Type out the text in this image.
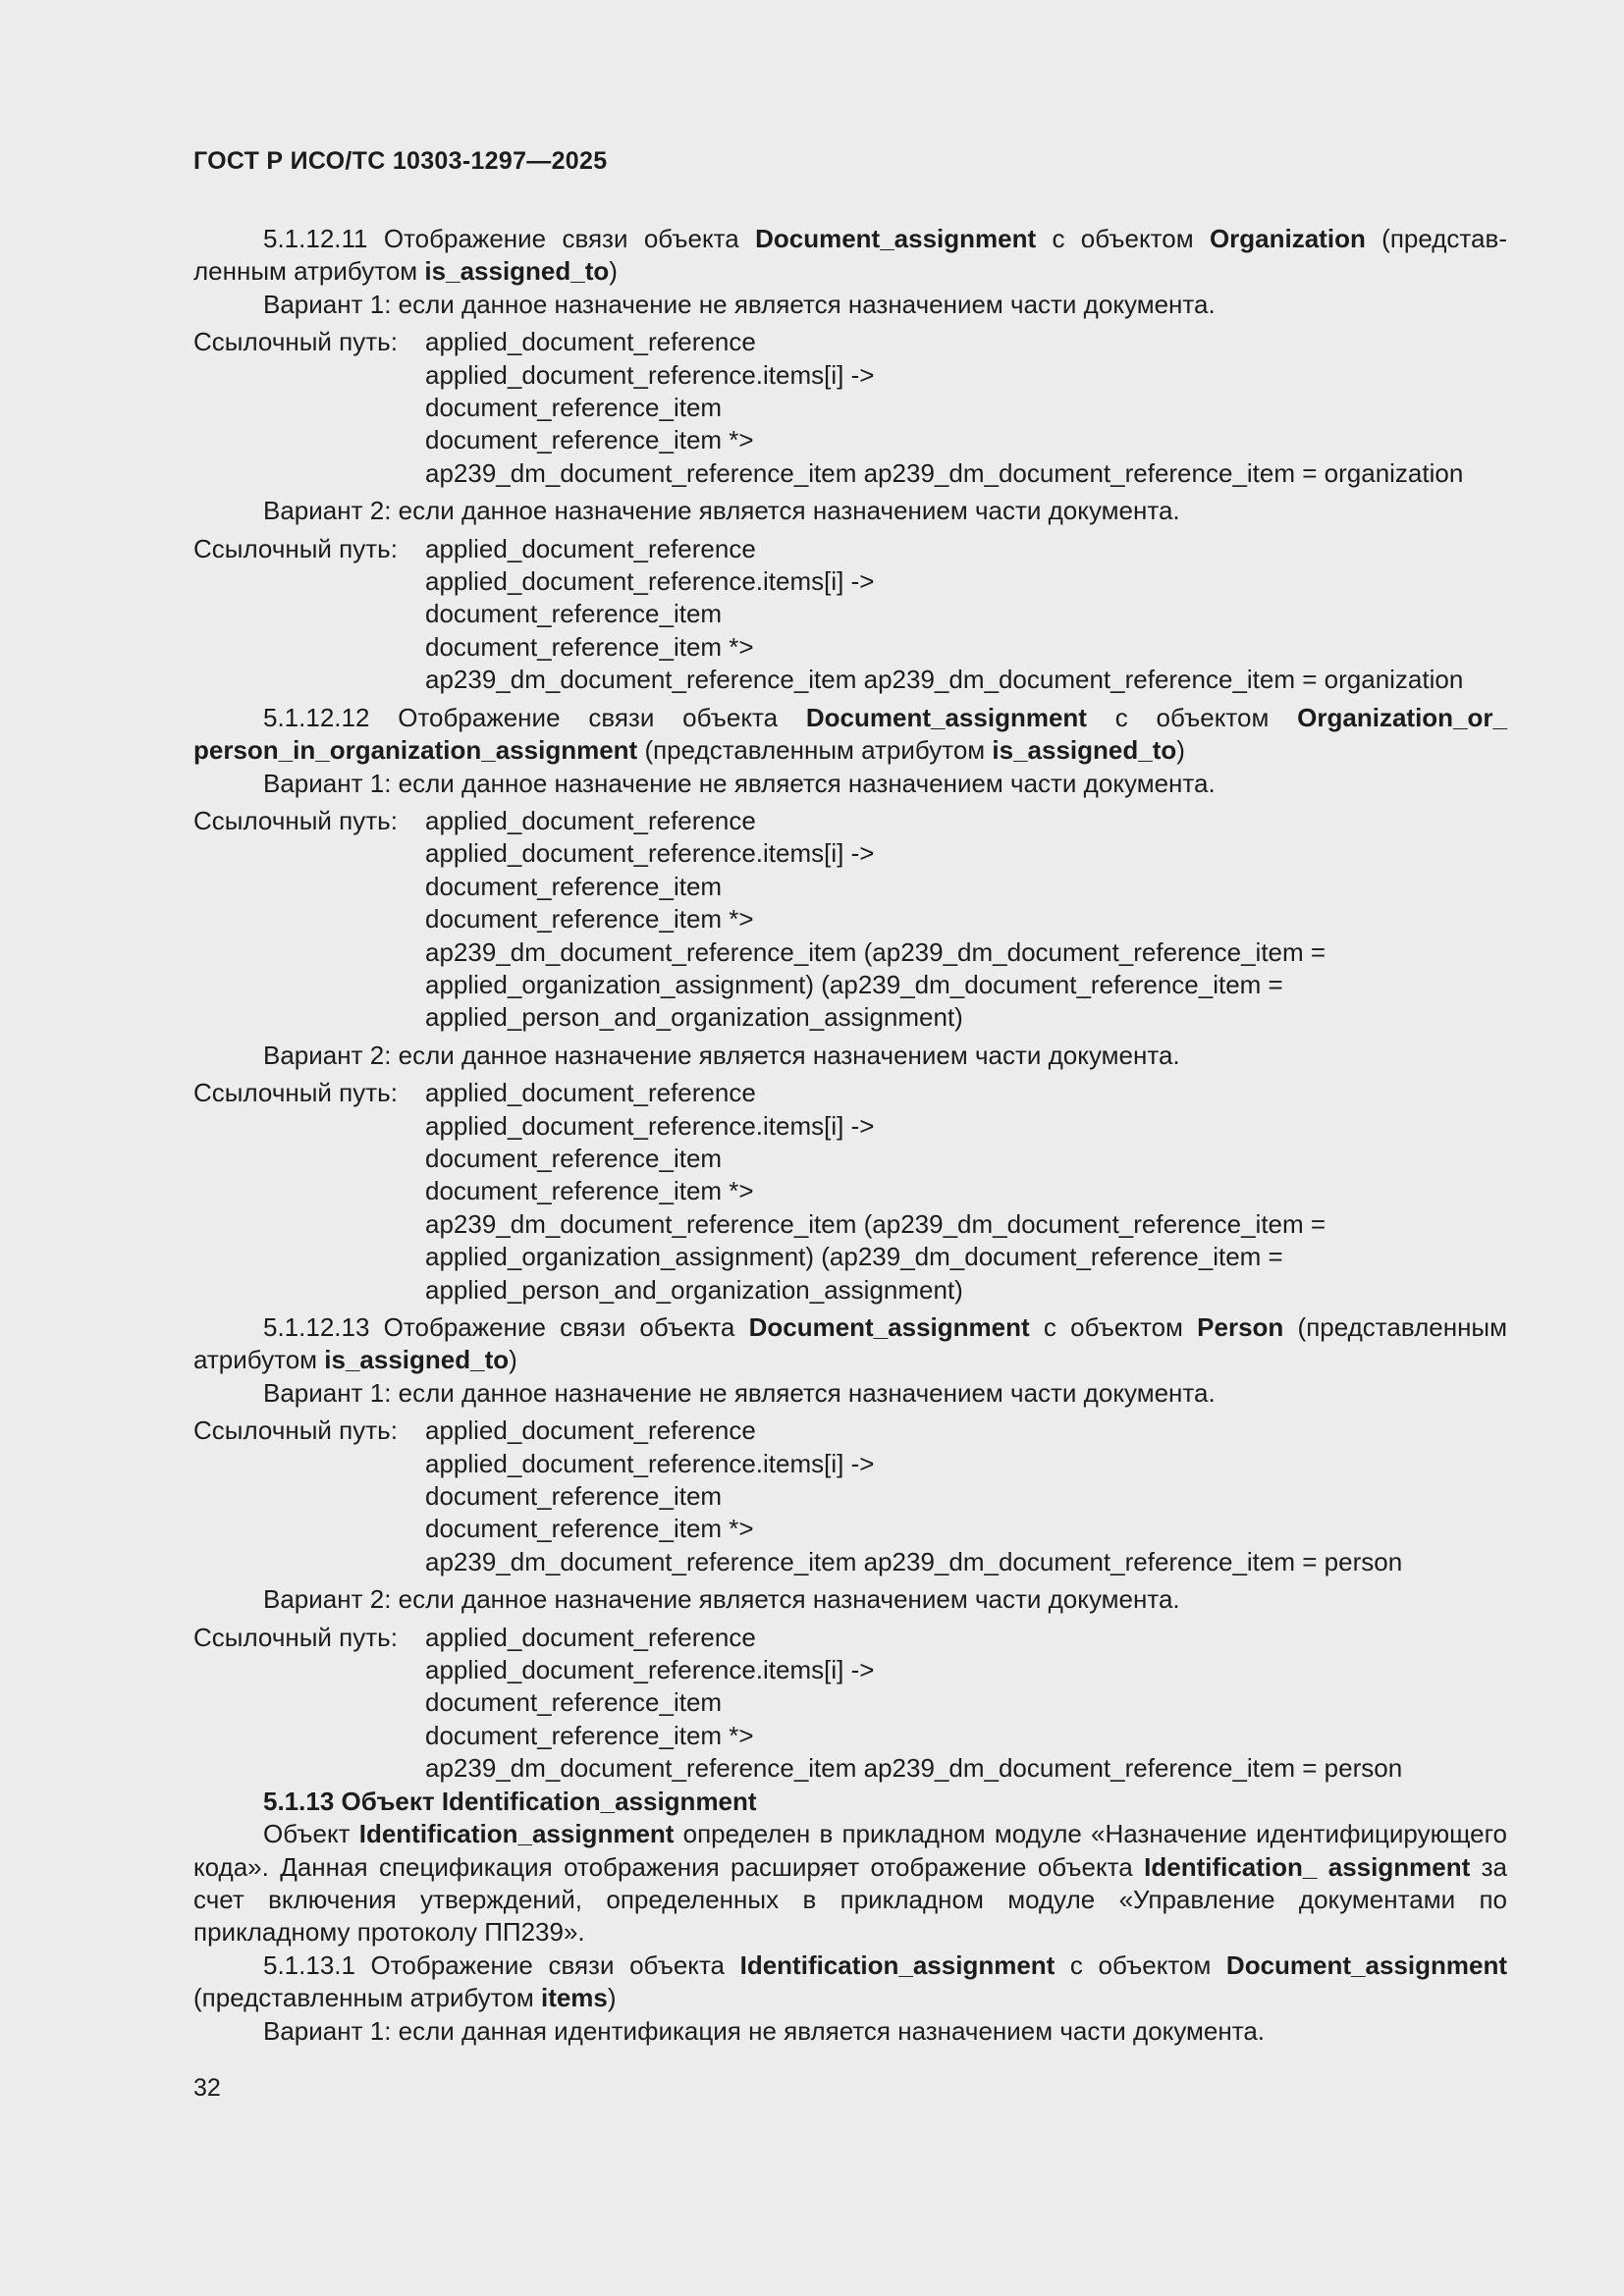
ГОСТ Р ИСО/ТС 10303-1297—2025

5.1.12.11 Отображение связи объекта Document_assignment с объектом Organization (представленным атрибутом is_assigned_to)

Вариант 1: если данное назначение не является назначением части документа.

Ссылочный путь:	applied_document_reference
applied_document_reference.items[i] ->
document_reference_item
document_reference_item *>
ap239_dm_document_reference_item ap239_dm_document_reference_item = organization

Вариант 2: если данное назначение является назначением части документа.

Ссылочный путь:	applied_document_reference
applied_document_reference.items[i] ->
document_reference_item
document_reference_item *>
ap239_dm_document_reference_item ap239_dm_document_reference_item = organization

5.1.12.12 Отображение связи объекта Document_assignment с объектом Organization_or_ person_in_organization_assignment (представленным атрибутом is_assigned_to)

Вариант 1: если данное назначение не является назначением части документа.

Ссылочный путь:	applied_document_reference
applied_document_reference.items[i] ->
document_reference_item
document_reference_item *>
ap239_dm_document_reference_item (ap239_dm_document_reference_item =
applied_organization_assignment) (ap239_dm_document_reference_item =
applied_person_and_organization_assignment)

Вариант 2: если данное назначение является назначением части документа.

Ссылочный путь:	applied_document_reference
applied_document_reference.items[i] ->
document_reference_item
document_reference_item *>
ap239_dm_document_reference_item (ap239_dm_document_reference_item =
applied_organization_assignment) (ap239_dm_document_reference_item =
applied_person_and_organization_assignment)

5.1.12.13 Отображение связи объекта Document_assignment с объектом Person (представленным атрибутом is_assigned_to)

Вариант 1: если данное назначение не является назначением части документа.

Ссылочный путь:	applied_document_reference
applied_document_reference.items[i] ->
document_reference_item
document_reference_item *>
ap239_dm_document_reference_item ap239_dm_document_reference_item = person

Вариант 2: если данное назначение является назначением части документа.

Ссылочный путь:	applied_document_reference
applied_document_reference.items[i] ->
document_reference_item
document_reference_item *>
ap239_dm_document_reference_item ap239_dm_document_reference_item = person

5.1.13 Объект Identification_assignment

Объект Identification_assignment определен в прикладном модуле «Назначение идентифицирующего кода». Данная спецификация отображения расширяет отображение объекта Identification_ assignment за счет включения утверждений, определенных в прикладном модуле «Управление документами по прикладному протоколу ПП239».

5.1.13.1 Отображение связи объекта Identification_assignment с объектом Document_assignment (представленным атрибутом items)

Вариант 1: если данная идентификация не является назначением части документа.

32
